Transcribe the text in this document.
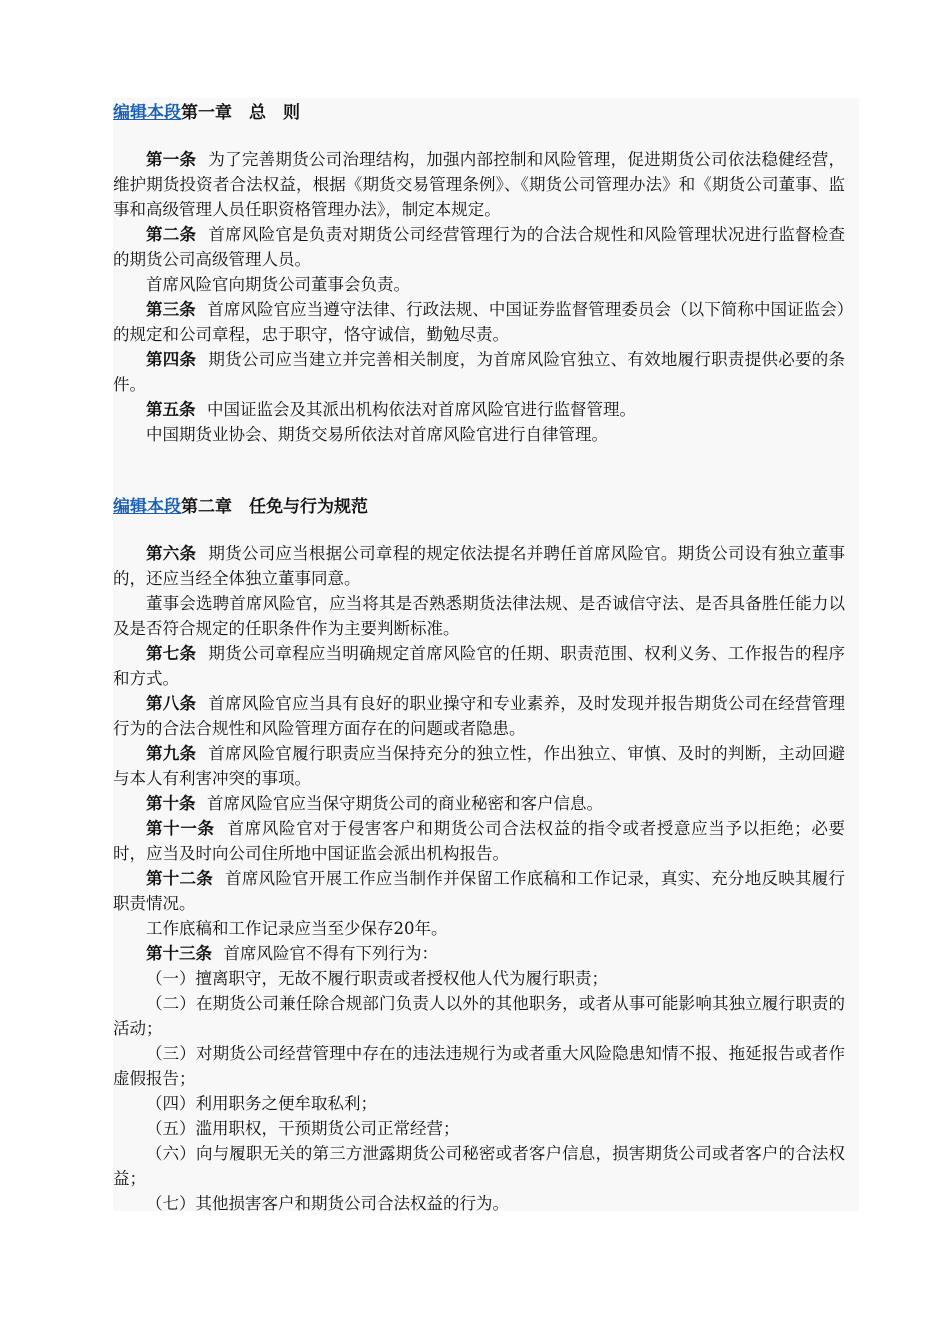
编辑本段第一章　总　则

第一条 为了完善期货公司治理结构，加强内部控制和风险管理，促进期货公司依法稳健经营，维护期货投资者合法权益，根据《期货交易管理条例》、《期货公司管理办法》和《期货公司董事、监事和高级管理人员任职资格管理办法》，制定本规定。

第二条 首席风险官是负责对期货公司经营管理行为的合法合规性和风险管理状况进行监督检查的期货公司高级管理人员。

首席风险官向期货公司董事会负责。

第三条 首席风险官应当遵守法律、行政法规、中国证券监督管理委员会（以下简称中国证监会）的规定和公司章程，忠于职守，恪守诚信，勤勉尽责。

第四条 期货公司应当建立并完善相关制度，为首席风险官独立、有效地履行职责提供必要的条件。

第五条 中国证监会及其派出机构依法对首席风险官进行监督管理。

中国期货业协会、期货交易所依法对首席风险官进行自律管理。

编辑本段第二章　任免与行为规范

第六条 期货公司应当根据公司章程的规定依法提名并聘任首席风险官。期货公司设有独立董事的，还应当经全体独立董事同意。

董事会选聘首席风险官，应当将其是否熟悉期货法律法规、是否诚信守法、是否具备胜任能力以及是否符合规定的任职条件作为主要判断标准。

第七条 期货公司章程应当明确规定首席风险官的任期、职责范围、权利义务、工作报告的程序和方式。

第八条 首席风险官应当具有良好的职业操守和专业素养，及时发现并报告期货公司在经营管理行为的合法合规性和风险管理方面存在的问题或者隐患。

第九条 首席风险官履行职责应当保持充分的独立性，作出独立、审慎、及时的判断，主动回避与本人有利害冲突的事项。

第十条 首席风险官应当保守期货公司的商业秘密和客户信息。

第十一条 首席风险官对于侵害客户和期货公司合法权益的指令或者授意应当予以拒绝；必要时，应当及时向公司住所地中国证监会派出机构报告。

第十二条 首席风险官开展工作应当制作并保留工作底稿和工作记录，真实、充分地反映其履行职责情况。

工作底稿和工作记录应当至少保存20年。

第十三条 首席风险官不得有下列行为：

（一）擅离职守，无故不履行职责或者授权他人代为履行职责；

（二）在期货公司兼任除合规部门负责人以外的其他职务，或者从事可能影响其独立履行职责的活动；

（三）对期货公司经营管理中存在的违法违规行为或者重大风险隐患知情不报、拖延报告或者作虚假报告；

（四）利用职务之便牟取私利；

（五）滥用职权，干预期货公司正常经营；

（六）向与履职无关的第三方泄露期货公司秘密或者客户信息，损害期货公司或者客户的合法权益；

（七）其他损害客户和期货公司合法权益的行为。
